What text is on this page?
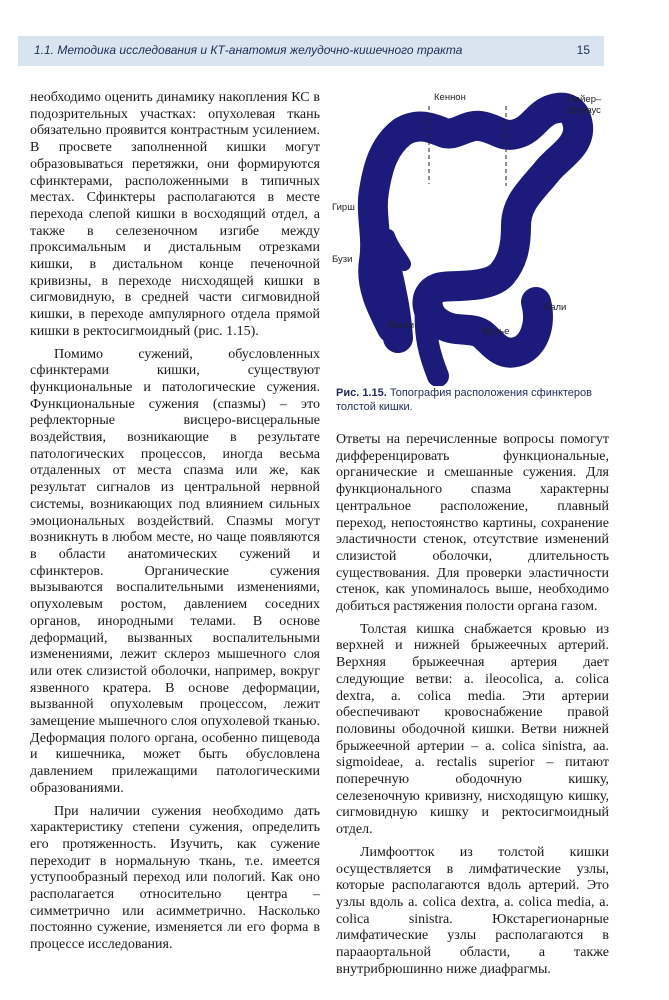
1.1. Методика исследования и КТ-анатомия желудочно-кишечного тракта	15

необходимо оценить динамику накопления КС в подозрительных участках: опухолевая ткань обязательно проявится контрастным усилением. В просвете заполненной кишки могут образовываться перетяжки, они формируются сфинктерами, расположенными в типичных местах. Сфинктеры располагаются в месте перехода слепой кишки в восходящий отдел, а также в селезеночном изгибе между проксимальным и дистальным отрезками кишки, в дистальном конце печеночной кривизны, в переходе нисходящей кишки в сигмовидную, в средней части сигмовидной кишки, в переходе ампулярного отдела прямой кишки в ректосигмоидный (рис. 1.15).

Помимо сужений, обусловленных сфинктерами кишки, существуют функциональные и патологические сужения. Функциональные сужения (спазмы) – это рефлекторные висцеро-висцеральные воздействия, возникающие в результате патологических процессов, иногда весьма отдаленных от места спазма или же, как результат сигналов из центральной нервной системы, возникающих под влиянием сильных эмоциональных воздействий. Спазмы могут возникнуть в любом месте, но чаще появляются в области анатомических сужений и сфинктеров. Органические сужения вызываются воспалительными изменениями, опухолевым ростом, давлением соседних органов, инородными телами. В основе деформаций, вызванных воспалительными изменениями, лежит склероз мышечного слоя или отек слизистой оболочки, например, вокруг язвенного кратера. В основе деформации, вызванной опухолевым процессом, лежит замещение мышечного слоя опухолевой тканью. Деформация полого органа, особенно пищевода и кишечника, может быть обусловлена давлением прилежащими патологическими образованиями.

При наличии сужения необходимо дать характеристику степени сужения, определить его протяженность. Изучить, как сужение переходит в нормальную ткань, т.е. имеется уступообразный переход или пологий. Как оно располагается относительно центра – симметрично или асимметрично. Насколько постоянно сужение, изменяется ли его форма в процессе исследования.

Кеннон	Пайер–
Штраус
Гирш
Бузи
Бали
Росси
Мутье
Рис. 1.15. Топография расположения сфинктеров толстой кишки.

Ответы на перечисленные вопросы помогут дифференцировать функциональные, органические и смешанные сужения. Для функционального спазма характерны центральное расположение, плавный переход, непостоянство картины, сохранение эластичности стенок, отсутствие изменений слизистой оболочки, длительность существования. Для проверки эластичности стенок, как упоминалось выше, необходимо добиться растяжения полости органа газом.

Толстая кишка снабжается кровью из верхней и нижней брыжеечных артерий. Верхняя брыжеечная артерия дает следующие ветви: a. ileocolica, a. colica dextra, a. colica media. Эти артерии обеспечивают кровоснабжение правой половины ободочной кишки. Ветви нижней брыжеечной артерии – a. colica sinistra, aa. sigmoideae, a. rectalis superior – питают поперечную ободочную кишку, селезеночную кривизну, нисходящую кишку, сигмовидную кишку и ректосигмоидный отдел.

Лимфоотток из толстой кишки осуществляется в лимфатические узлы, которые располагаются вдоль артерий. Это узлы вдоль a. colica dextra, a. colica media, a. colica sinistra. Юкстарегионарные лимфатические узлы располагаются в парааортальной области, а также внутрибрюшинно ниже диафрагмы.
